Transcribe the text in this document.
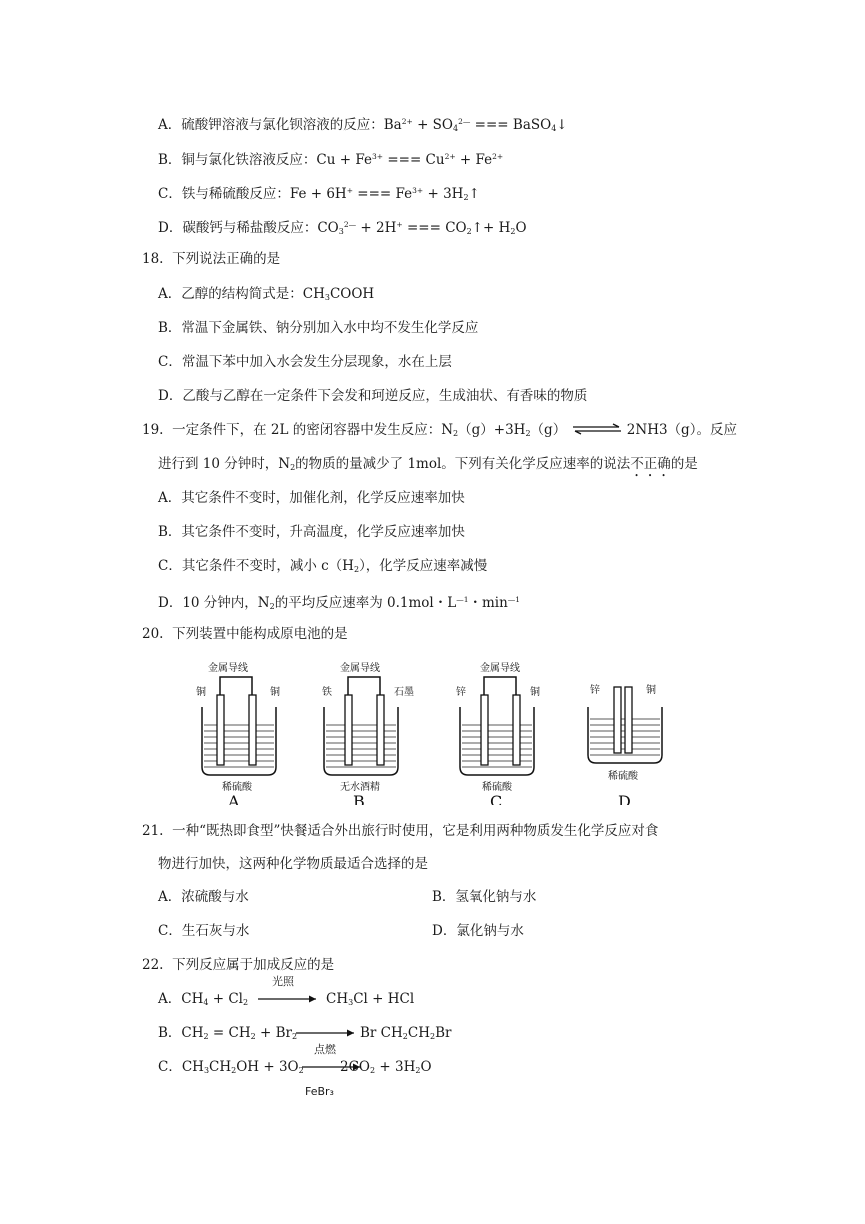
A．硫酸钾溶液与氯化钡溶液的反应：$Ba^{2+} + SO_4^{2—}$ === BaSO$_4$↓
B．铜与氯化铁溶液反应：$Cu + Fe^{3+}$ === $Cu^{2+} + Fe^{2+}$
C．铁与稀硫酸反应：Fe + 6H+ === $Fe^{3+}$ + $3H_2↑$
D．碳酸钙与稀盐酸反应：$CO_3^{2—} + 2H^+$ === $CO_2↑+ H_2O$
18. 下列说法正确的是
A．乙醇的结构简式是：$CH_3COOH$
B．常温下金属铁、钠分别加入水中均不发生化学反应
C．常温下苯中加入水会发生分层现象，水在上层
D．乙酸与乙醇在一定条件下会发和珂逆反应，生成油状、有香味的物质
19. 一定条件下，在 2L 的密闭容器中发生反应：$N_2(g)+3H_2(g)$ ⇌ 2NH3（g）。反应
进行到 10 分钟时，$N_2$的物质的量减少了 1mol。下列有关化学反应速率的说法不正确的是
A．其它条件不变时，加催化剂，化学反应速率加快
B．其它条件不变时，升高温度，化学反应速率加快
C．其它条件不变时，减小 $c(H_2)$，化学反应速率减慢
D．10 分钟内，$N_2$的平均反应速率为 0.1mol・$L^{—1}$・$\min^{—1}$
20. 下列装置中能构成原电池的是
金属导线
铜	铜
稀硫酸
A
金属导线
铁	石墨
无水酒精
B
金属导线
锌	铜
稀硫酸
C
锌	铜
稀硫酸
D
21. 一种“既热即食型”快餐适合外出旅行时使用，它是利用两种物质发生化学反应对食
物进行加快，这两种化学物质最适合选择的是
A．浓硫酸与水	B．氢氧化钠与水
C．生石灰与水	D．氯化钠与水
22. 下列反应属于加成反应的是
光照
A．$CH_4 + Cl_2$	$CH_3Cl$ + HCl
B．$CH_2 = CH_2 + Br_2$	Br $CH_2CH_2Br$
点燃
C．$CH_3CH_2OH + 3O_2$	$2CO_2 + 3H_2O$
FeBr₃
